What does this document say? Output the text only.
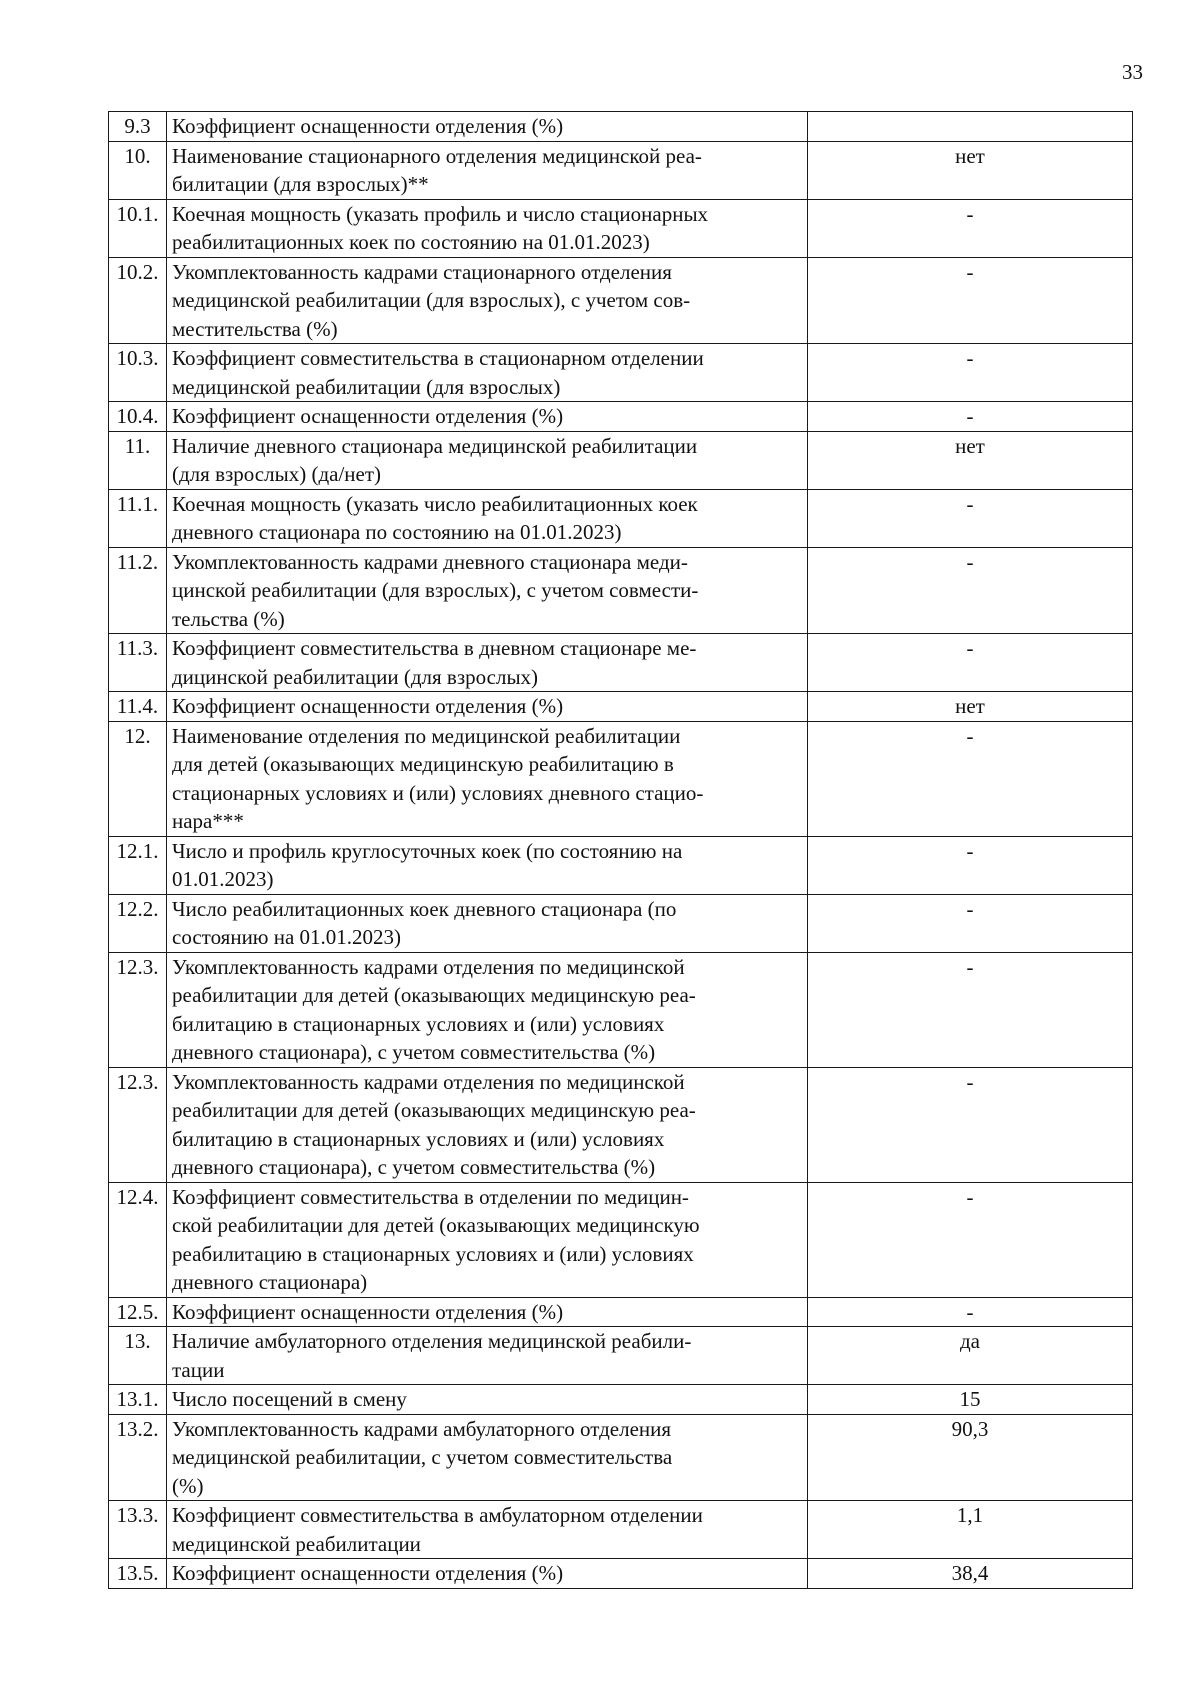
33
9.3	Коэффициент оснащенности отделения (%)	
10.	Наименование стационарного отделения медицинской реа-
билитации (для взрослых)**	нет
10.1.	Коечная мощность (указать профиль и число стационарных
реабилитационных коек по состоянию на 01.01.2023)	-
10.2.	Укомплектованность кадрами стационарного отделения
медицинской реабилитации (для взрослых), с учетом сов-
местительства (%)	-
10.3.	Коэффициент совместительства в стационарном отделении
медицинской реабилитации (для взрослых)	-
10.4.	Коэффициент оснащенности отделения (%)	-
11.	Наличие дневного стационара медицинской реабилитации
(для взрослых) (да/нет)	нет
11.1.	Коечная мощность (указать число реабилитационных коек
дневного стационара по состоянию на 01.01.2023)	-
11.2.	Укомплектованность кадрами дневного стационара меди-
цинской реабилитации (для взрослых), с учетом совмести-
тельства (%)	-
11.3.	Коэффициент совместительства в дневном стационаре ме-
дицинской реабилитации (для взрослых)	-
11.4.	Коэффициент оснащенности отделения (%)	нет
12.	Наименование отделения по медицинской реабилитации
для детей (оказывающих медицинскую реабилитацию в
стационарных условиях и (или) условиях дневного стацио-
нара***	-
12.1.	Число и профиль круглосуточных коек (по состоянию на
01.01.2023)	-
12.2.	Число реабилитационных коек дневного стационара (по
состоянию на 01.01.2023)	-
12.3.	Укомплектованность кадрами отделения по медицинской
реабилитации для детей (оказывающих медицинскую реа-
билитацию в стационарных условиях и (или) условиях
дневного стационара), с учетом совместительства (%)	-
12.3.	Укомплектованность кадрами отделения по медицинской
реабилитации для детей (оказывающих медицинскую реа-
билитацию в стационарных условиях и (или) условиях
дневного стационара), с учетом совместительства (%)	-
12.4.	Коэффициент совместительства в отделении по медицин-
ской реабилитации для детей (оказывающих медицинскую
реабилитацию в стационарных условиях и (или) условиях
дневного стационара)	-
12.5.	Коэффициент оснащенности отделения (%)	-
13.	Наличие амбулаторного отделения медицинской реабили-
тации	да
13.1.	Число посещений в смену	15
13.2.	Укомплектованность кадрами амбулаторного отделения
медицинской реабилитации, с учетом совместительства
(%)	90,3
13.3.	Коэффициент совместительства в амбулаторном отделении
медицинской реабилитации	1,1
13.5.	Коэффициент оснащенности отделения (%)	38,4
